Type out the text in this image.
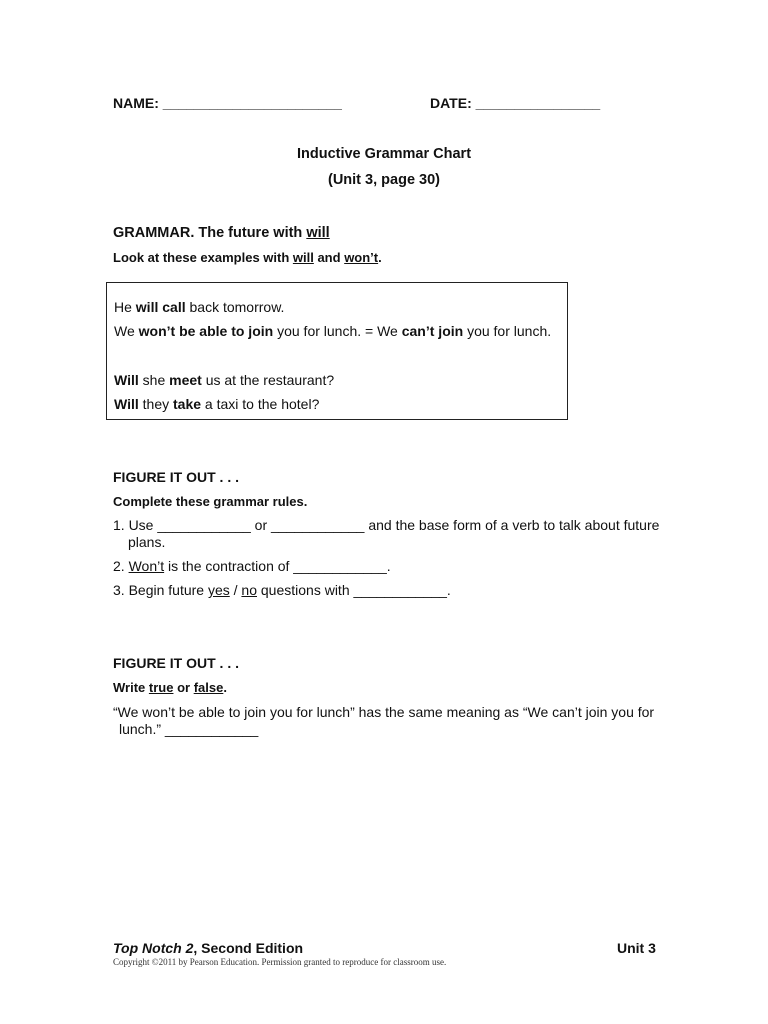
NAME: _______________________	DATE: ________________
Inductive Grammar Chart
(Unit 3, page 30)
GRAMMAR. The future with will
Look at these examples with will and won’t.
He will call back tomorrow.
We won’t be able to join you for lunch. = We can’t join you for lunch.
Will she meet us at the restaurant?
Will they take a taxi to the hotel?
FIGURE IT OUT . . .
Complete these grammar rules.
1. Use ____________ or ____________ and the base form of a verb to talk about future
plans.
2. Won’t is the contraction of ____________.
3. Begin future yes / no questions with ____________.
FIGURE IT OUT . . .
Write true or false.
“We won’t be able to join you for lunch” has the same meaning as “We can’t join you for
lunch.” ____________
Top Notch 2, Second Edition	Unit 3
Copyright ©2011 by Pearson Education. Permission granted to reproduce for classroom use.
